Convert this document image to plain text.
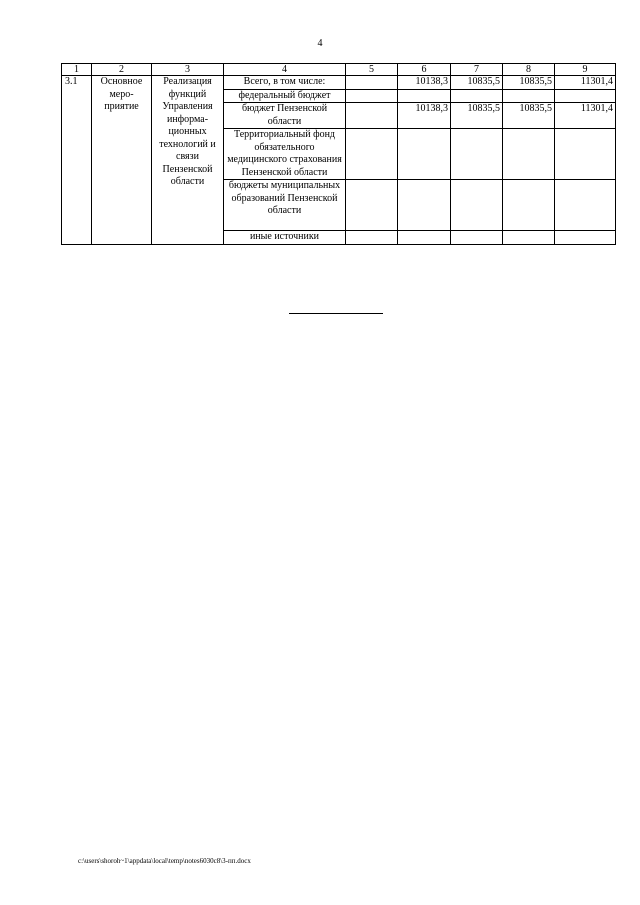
4
1	2	3	4	5	6	7	8	9
3.1	Основное меро-приятие	Реализация функций Управления информа-ционных технологий и связи Пензенской области	Всего, в том числе:		10138,3	10835,5	10835,5	11301,4
			федеральный бюджет					
			бюджет Пензенской области		10138,3	10835,5	10835,5	11301,4
			Территориальный фонд обязательного медицинского страхования Пензенской области					
			бюджеты муниципальных образований Пензенской области					
			иные источники					
c:\users\shoroh~1\appdata\local\temp\notes6030c8\3-пп.docx
